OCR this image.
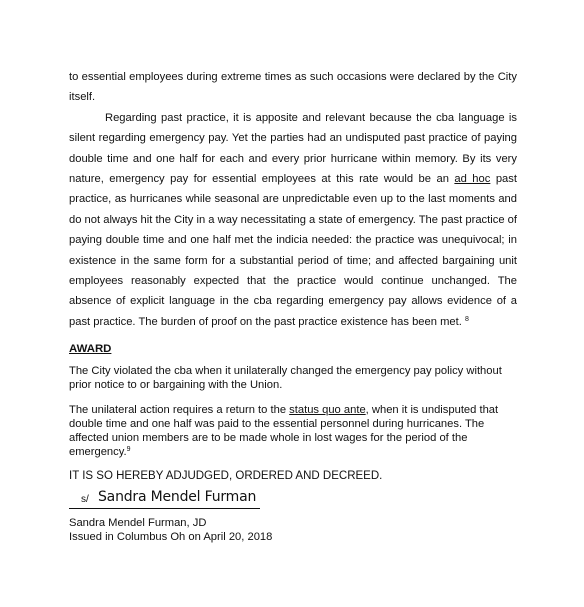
to essential employees during extreme times as such occasions were declared by the City itself.

Regarding past practice, it is apposite and relevant because the cba language is silent regarding emergency pay. Yet the parties had an undisputed past practice of paying double time and one half for each and every prior hurricane within memory. By its very nature, emergency pay for essential employees at this rate would be an ad hoc past practice, as hurricanes while seasonal are unpredictable even up to the last moments and do not always hit the City in a way necessitating a state of emergency. The past practice of paying double time and one half met the indicia needed: the practice was unequivocal; in existence in the same form for a substantial period of time; and affected bargaining unit employees reasonably expected that the practice would continue unchanged. The absence of explicit language in the cba regarding emergency pay allows evidence of a past practice. The burden of proof on the past practice existence has been met. $^8$

AWARD

The City violated the cba when it unilaterally changed the emergency pay policy without prior notice to or bargaining with the Union.

The unilateral action requires a return to the status quo ante, when it is undisputed that double time and one half was paid to the essential personnel during hurricanes. The affected union members are to be made whole in lost wages for the period of the emergency.$^9$

IT IS SO HEREBY ADJUDGED, ORDERED AND DECREED.

s/ Sandra Mendel Furman

Sandra Mendel Furman, JD

Issued in Columbus Oh on April 20, 2018
